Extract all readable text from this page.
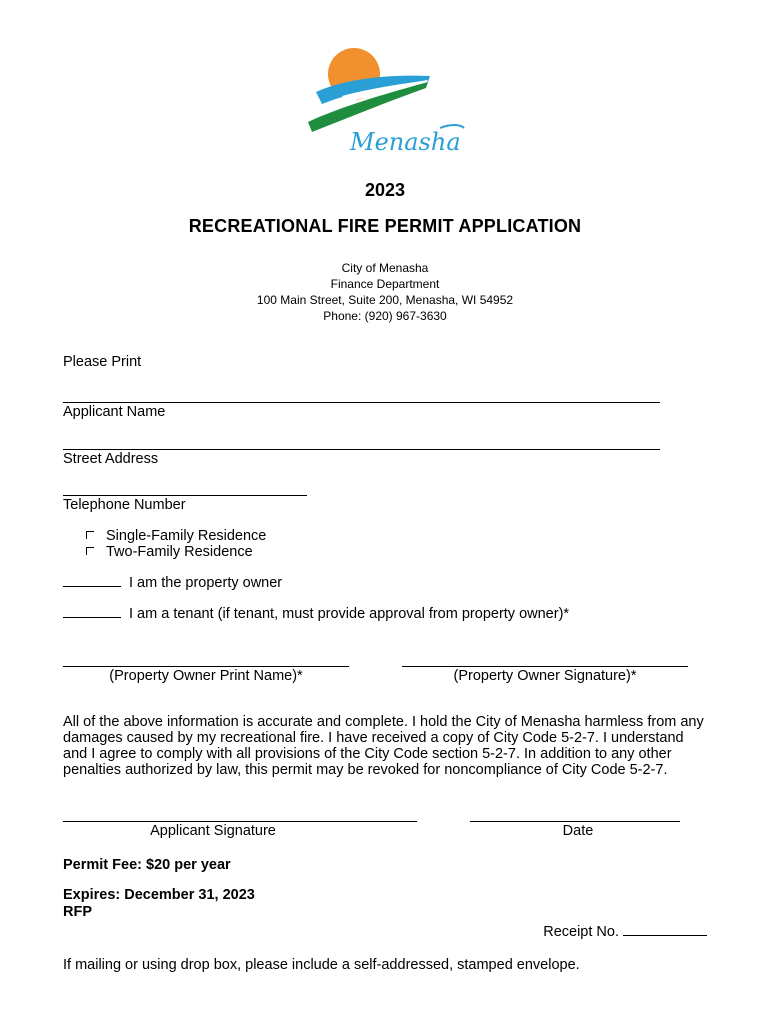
Menasha
2023
RECREATIONAL FIRE PERMIT APPLICATION
City of Menasha
Finance Department
100 Main Street, Suite 200, Menasha, WI 54952
Phone: (920) 967-3630
Please Print
Applicant Name
Street Address
Telephone Number
Single-Family Residence
Two-Family Residence
I am the property owner
I am a tenant (if tenant, must provide approval from property owner)*
(Property Owner Print Name)*	(Property Owner Signature)*
All of the above information is accurate and complete. I hold the City of Menasha harmless from any damages caused by my recreational fire. I have received a copy of City Code 5-2-7. I understand and I agree to comply with all provisions of the City Code section 5-2-7. In addition to any other penalties authorized by law, this permit may be revoked for noncompliance of City Code 5-2-7.
Applicant Signature	Date
Permit Fee: $20 per year
Expires: December 31, 2023
RFP
Receipt No.
If mailing or using drop box, please include a self-addressed, stamped envelope.
